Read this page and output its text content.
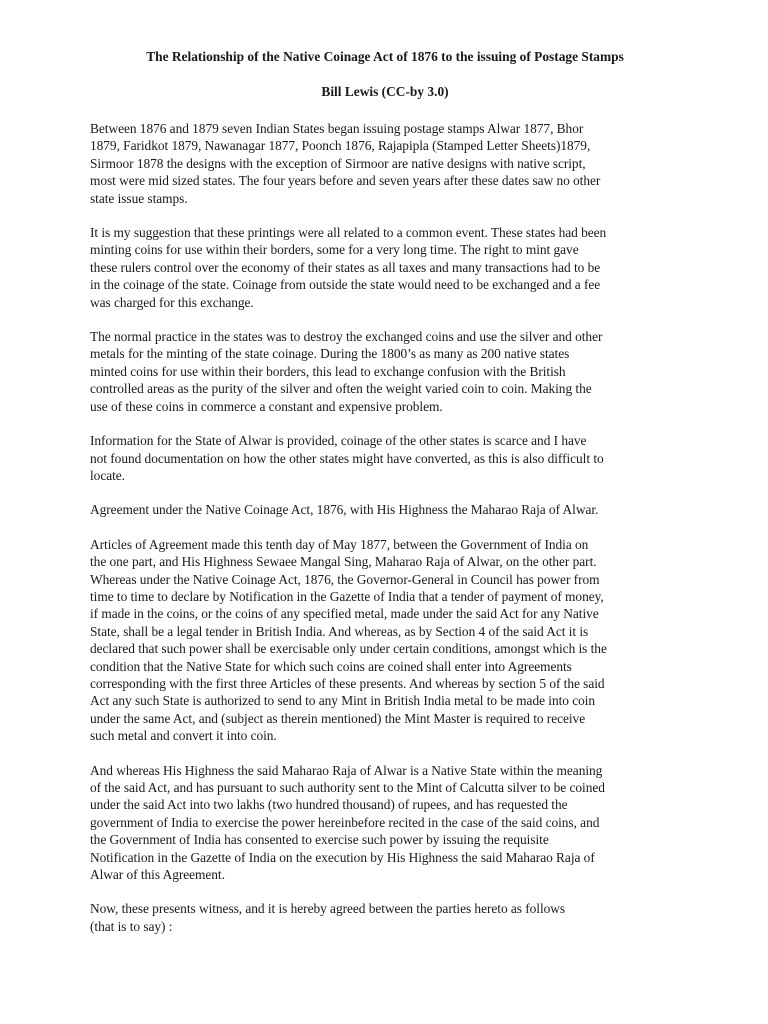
The Relationship of the Native Coinage Act of 1876 to the issuing of Postage Stamps
Bill Lewis (CC-by 3.0)
Between 1876 and 1879 seven Indian States began issuing postage stamps Alwar 1877, Bhor
1879, Faridkot 1879, Nawanagar 1877, Poonch 1876, Rajapipla (Stamped Letter Sheets)1879,
Sirmoor 1878 the designs with the exception of Sirmoor are native designs with native script,
most were mid sized states. The four years before and seven years after these dates saw no other
state issue stamps.
It is my suggestion that these printings were all related to a common event. These states had been
minting coins for use within their borders, some for a very long time. The right to mint gave
these rulers control over the economy of their states as all taxes and many transactions had to be
in the coinage of the state. Coinage from outside the state would need to be exchanged and a fee
was charged for this exchange.
The normal practice in the states was to destroy the exchanged coins and use the silver and other
metals for the minting of the state coinage. During the 1800’s as many as 200 native states
minted coins for use within their borders, this lead to exchange confusion with the British
controlled areas as the purity of the silver and often the weight varied coin to coin. Making the
use of these coins in commerce a constant and expensive problem.
Information for the State of Alwar is provided, coinage of the other states is scarce and I have
not found documentation on how the other states might have converted, as this is also difficult to
locate.
Agreement under the Native Coinage Act, 1876, with His Highness the Maharao Raja of Alwar.
Articles of Agreement made this tenth day of May 1877, between the Government of India on
the one part, and His Highness Sewaee Mangal Sing, Maharao Raja of Alwar, on the other part.
Whereas under the Native Coinage Act, 1876, the Governor-General in Council has power from
time to time to declare by Notification in the Gazette of India that a tender of payment of money,
if made in the coins, or the coins of any specified metal, made under the said Act for any Native
State, shall be a legal tender in British India. And whereas, as by Section 4 of the said Act it is
declared that such power shall be exercisable only under certain conditions, amongst which is the
condition that the Native State for which such coins are coined shall enter into Agreements
corresponding with the first three Articles of these presents. And whereas by section 5 of the said
Act any such State is authorized to send to any Mint in British India metal to be made into coin
under the same Act, and (subject as therein mentioned) the Mint Master is required to receive
such metal and convert it into coin.
And whereas His Highness the said Maharao Raja of Alwar is a Native State within the meaning
of the said Act, and has pursuant to such authority sent to the Mint of Calcutta silver to be coined
under the said Act into two lakhs (two hundred thousand) of rupees, and has requested the
government of India to exercise the power hereinbefore recited in the case of the said coins, and
the Government of India has consented to exercise such power by issuing the requisite
Notification in the Gazette of India on the execution by His Highness the said Maharao Raja of
Alwar of this Agreement.
Now, these presents witness, and it is hereby agreed between the parties hereto as follows
(that is to say) :
